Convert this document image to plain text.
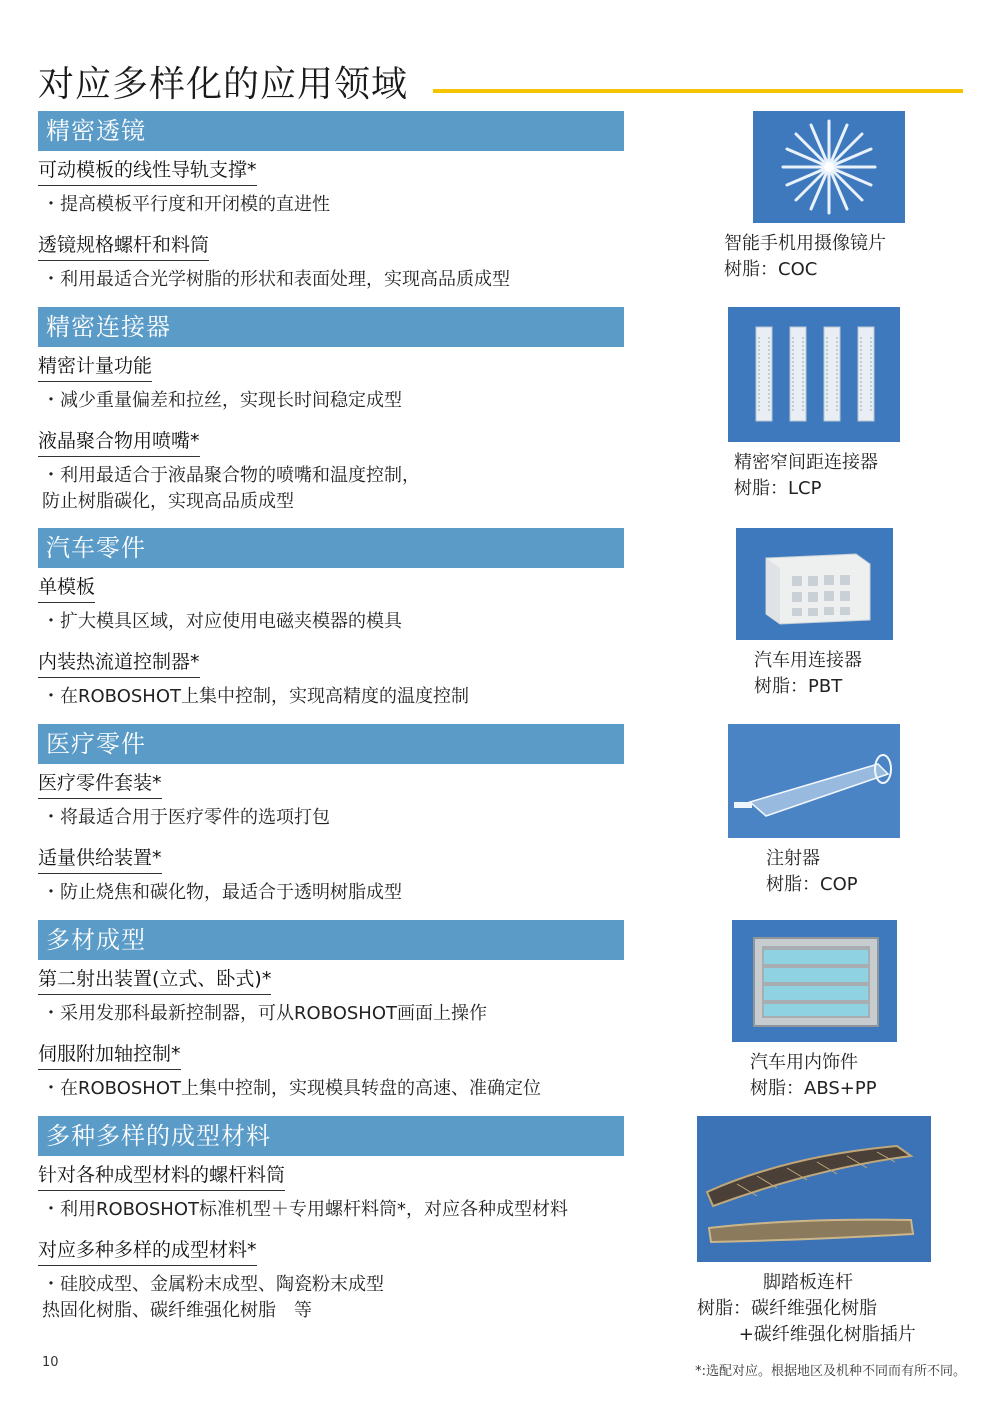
对应多样化的应用领域
精密透镜
可动模板的线性导轨支撑*
・提高模板平行度和开闭模的直进性
透镜规格螺杆和料筒
・利用最适合光学树脂的形状和表面处理，实现高品质成型
精密连接器
精密计量功能
・减少重量偏差和拉丝，实现长时间稳定成型
液晶聚合物用喷嘴*
・利用最适合于液晶聚合物的喷嘴和温度控制，
防止树脂碳化，实现高品质成型
汽车零件
单模板
・扩大模具区域，对应使用电磁夹模器的模具
内装热流道控制器*
・在ROBOSHOT上集中控制，实现高精度的温度控制
医疗零件
医疗零件套装*
・将最适合用于医疗零件的选项打包
适量供给装置*
・防止烧焦和碳化物，最适合于透明树脂成型
多材成型
第二射出装置(立式、卧式)*
・采用发那科最新控制器，可从ROBOSHOT画面上操作
伺服附加轴控制*
・在ROBOSHOT上集中控制，实现模具转盘的高速、准确定位
多种多样的成型材料
针对各种成型材料的螺杆料筒
・利用ROBOSHOT标准机型＋专用螺杆料筒*，对应各种成型材料
对应多种多样的成型材料*
・硅胶成型、金属粉末成型、陶瓷粉末成型
热固化树脂、碳纤维强化树脂　等
智能手机用摄像镜片
树脂：COC
精密窄间距连接器
树脂：LCP
汽车用连接器
树脂：PBT
注射器
树脂：COP
汽车用内饰件
树脂：ABS+PP
脚踏板连杆
树脂：碳纤维强化树脂
　　 +碳纤维强化树脂插片
10
*:选配对应。根据地区及机种不同而有所不同。
